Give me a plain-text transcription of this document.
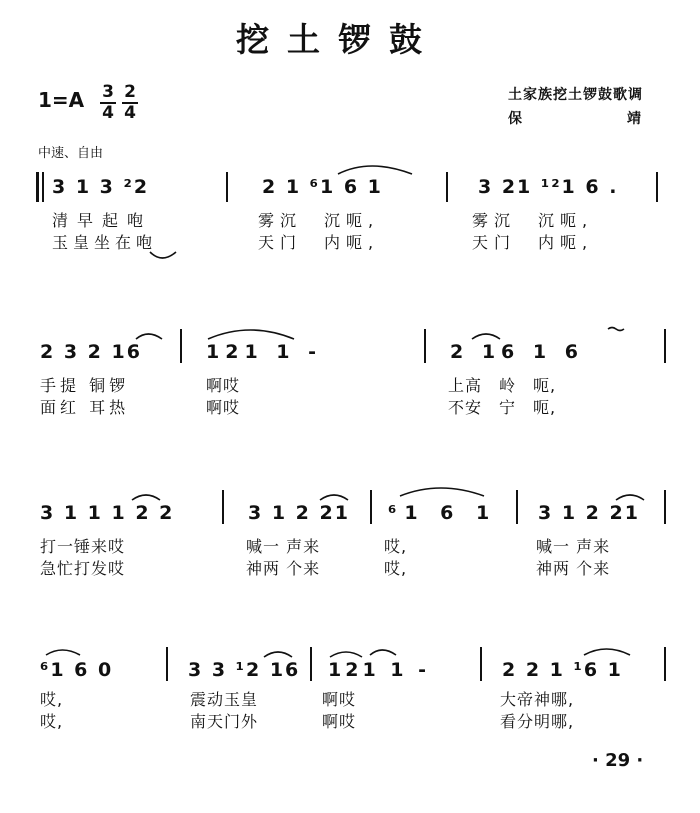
挖土锣鼓
1=A 3
4
2
4
土家族挖土锣鼓歌调
保　　　　　　靖
中速、自由
3 1 3 ²2	2 1 ⁶1 6 1	3 21 ¹²1 6 .
清早起咆
玉皇坐在咆
雾沉　沉呃,
天门　内呃,
雾沉　沉呃,
天门　内呃,
2 3 2 16	121 1 -	2 16 1 6
手提 铜锣
面红 耳热
啊哎
啊哎
上高　岭　呃,
不安　宁　呃,
3 1 1 1 2 2	3 1 2 21 ⁶1 6 1 3 1 2 21
打一锤来哎
急忙打发哎
喊一 声来
神两 个来
哎,
哎,
喊一 声来
神两 个来
⁶1 6 0	3 3 ¹2 16 121 1 -	2 2 1 ¹6 1
哎,
哎,
震动玉皇
南天门外
啊哎
啊哎
大帝神哪,
看分明哪,
· 29 ·
